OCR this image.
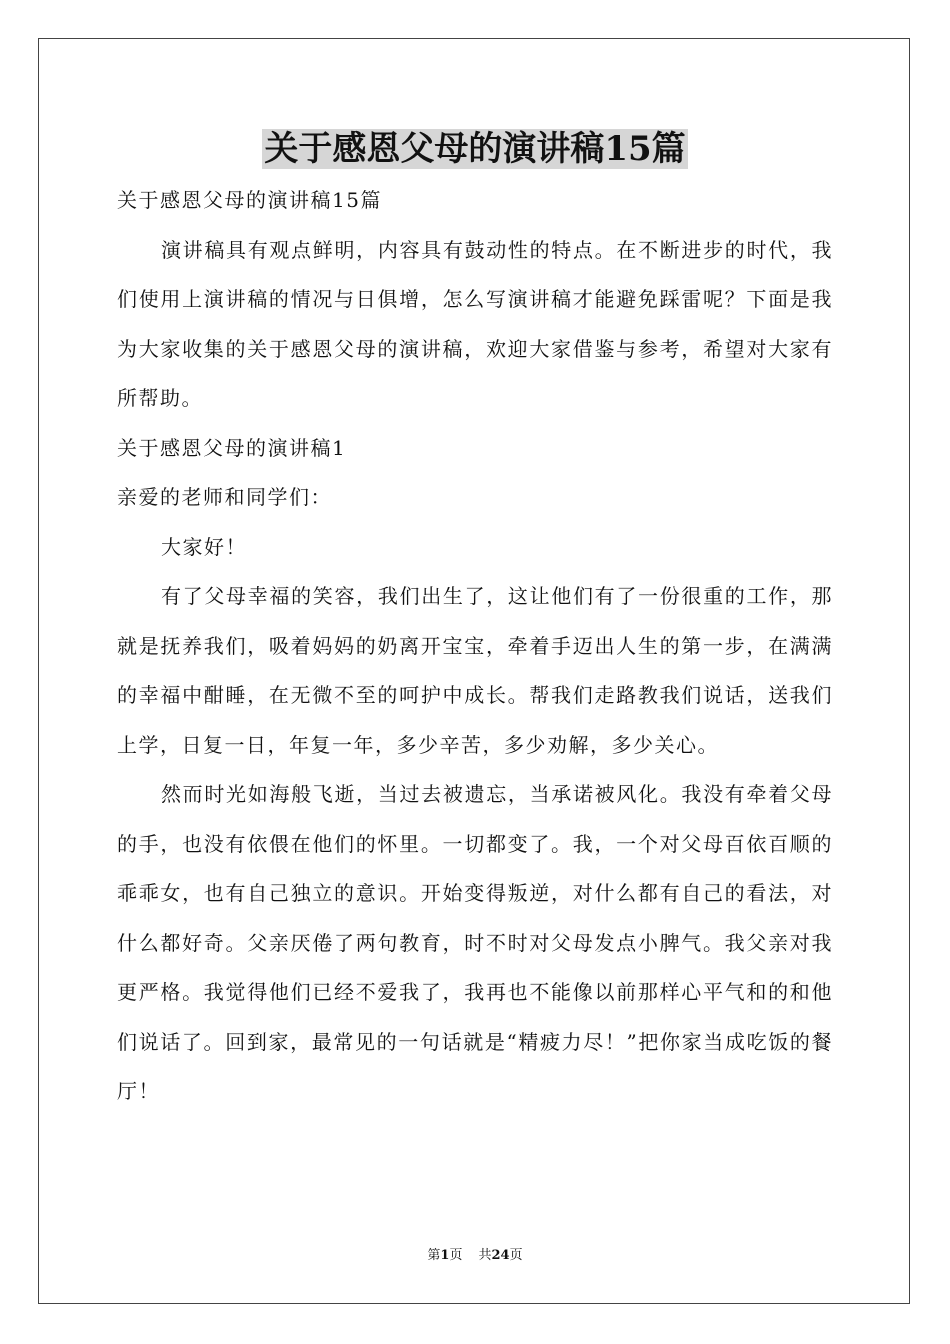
关于感恩父母的演讲稿15篇

关于感恩父母的演讲稿15篇

演讲稿具有观点鲜明，内容具有鼓动性的特点。在不断进步的时代，我们使用上演讲稿的情况与日俱增，怎么写演讲稿才能避免踩雷呢？下面是我为大家收集的关于感恩父母的演讲稿，欢迎大家借鉴与参考，希望对大家有所帮助。

关于感恩父母的演讲稿1

亲爱的老师和同学们：

大家好！

有了父母幸福的笑容，我们出生了，这让他们有了一份很重的工作，那就是抚养我们，吸着妈妈的奶离开宝宝，牵着手迈出人生的第一步，在满满的幸福中酣睡，在无微不至的呵护中成长。帮我们走路教我们说话，送我们上学，日复一日，年复一年，多少辛苦，多少劝解，多少关心。

然而时光如海般飞逝，当过去被遗忘，当承诺被风化。我没有牵着父母的手，也没有依偎在他们的怀里。一切都变了。我，一个对父母百依百顺的乖乖女，也有自己独立的意识。开始变得叛逆，对什么都有自己的看法，对什么都好奇。父亲厌倦了两句教育，时不时对父母发点小脾气。我父亲对我更严格。我觉得他们已经不爱我了，我再也不能像以前那样心平气和的和他们说话了。回到家，最常见的一句话就是“精疲力尽！”把你家当成吃饭的餐厅！

第1页 共24页
